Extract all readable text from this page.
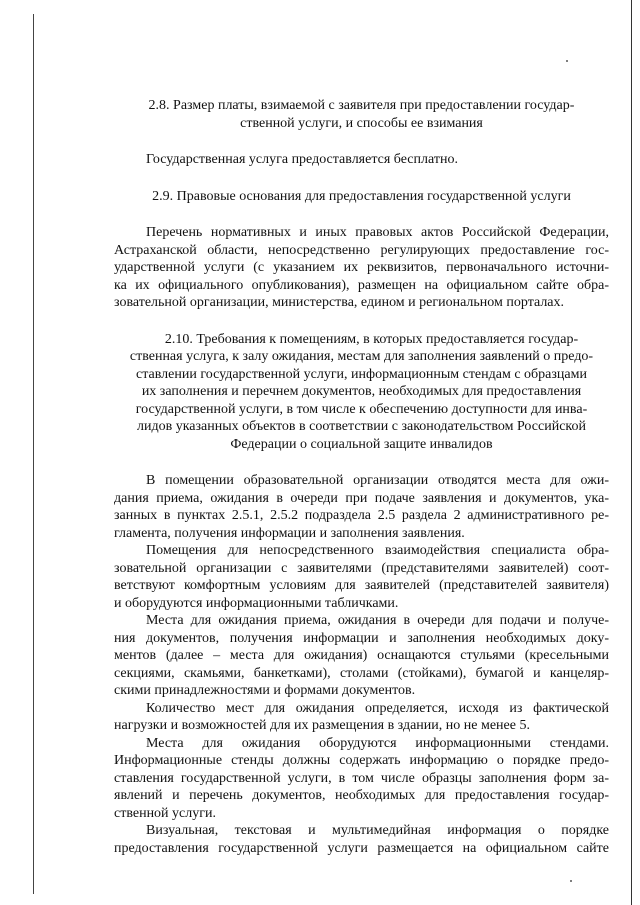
2.8. Размер платы, взимаемой с заявителя при предоставлении государ-
ственной услуги, и способы ее взимания

Государственная услуга предоставляется бесплатно.

2.9. Правовые основания для предоставления государственной услуги

Перечень нормативных и иных правовых актов Российской Федерации,
Астраханской области, непосредственно регулирующих предоставление гос-
ударственной услуги (с указанием их реквизитов, первоначального источни-
ка их официального опубликования), размещен на официальном сайте обра-
зовательной организации, министерства, едином и региональном порталах.

2.10. Требования к помещениям, в которых предоставляется государ-
ственная услуга, к залу ожидания, местам для заполнения заявлений о предо-
ставлении государственной услуги, информационным стендам с образцами
их заполнения и перечнем документов, необходимых для предоставления
государственной услуги, в том числе к обеспечению доступности для инва-
лидов указанных объектов в соответствии с законодательством Российской
Федерации о социальной защите инвалидов

В помещении образовательной организации отводятся места для ожи-
дания приема, ожидания в очереди при подаче заявления и документов, ука-
занных в пунктах 2.5.1, 2.5.2 подраздела 2.5 раздела 2 административного ре-
гламента, получения информации и заполнения заявления.
Помещения для непосредственного взаимодействия специалиста обра-
зовательной организации с заявителями (представителями заявителей) соот-
ветствуют комфортным условиям для заявителей (представителей заявителя)
и оборудуются информационными табличками.
Места для ожидания приема, ожидания в очереди для подачи и получе-
ния документов, получения информации и заполнения необходимых доку-
ментов (далее – места для ожидания) оснащаются стульями (кресельными
секциями, скамьями, банкетками), столами (стойками), бумагой и канцеляр-
скими принадлежностями и формами документов.
Количество мест для ожидания определяется, исходя из фактической
нагрузки и возможностей для их размещения в здании, но не менее 5.
Места для ожидания оборудуются информационными стендами.
Информационные стенды должны содержать информацию о порядке предо-
ставления государственной услуги, в том числе образцы заполнения форм за-
явлений и перечень документов, необходимых для предоставления государ-
ственной услуги.
Визуальная, текстовая и мультимедийная информация о порядке
предоставления государственной услуги размещается на официальном сайте
